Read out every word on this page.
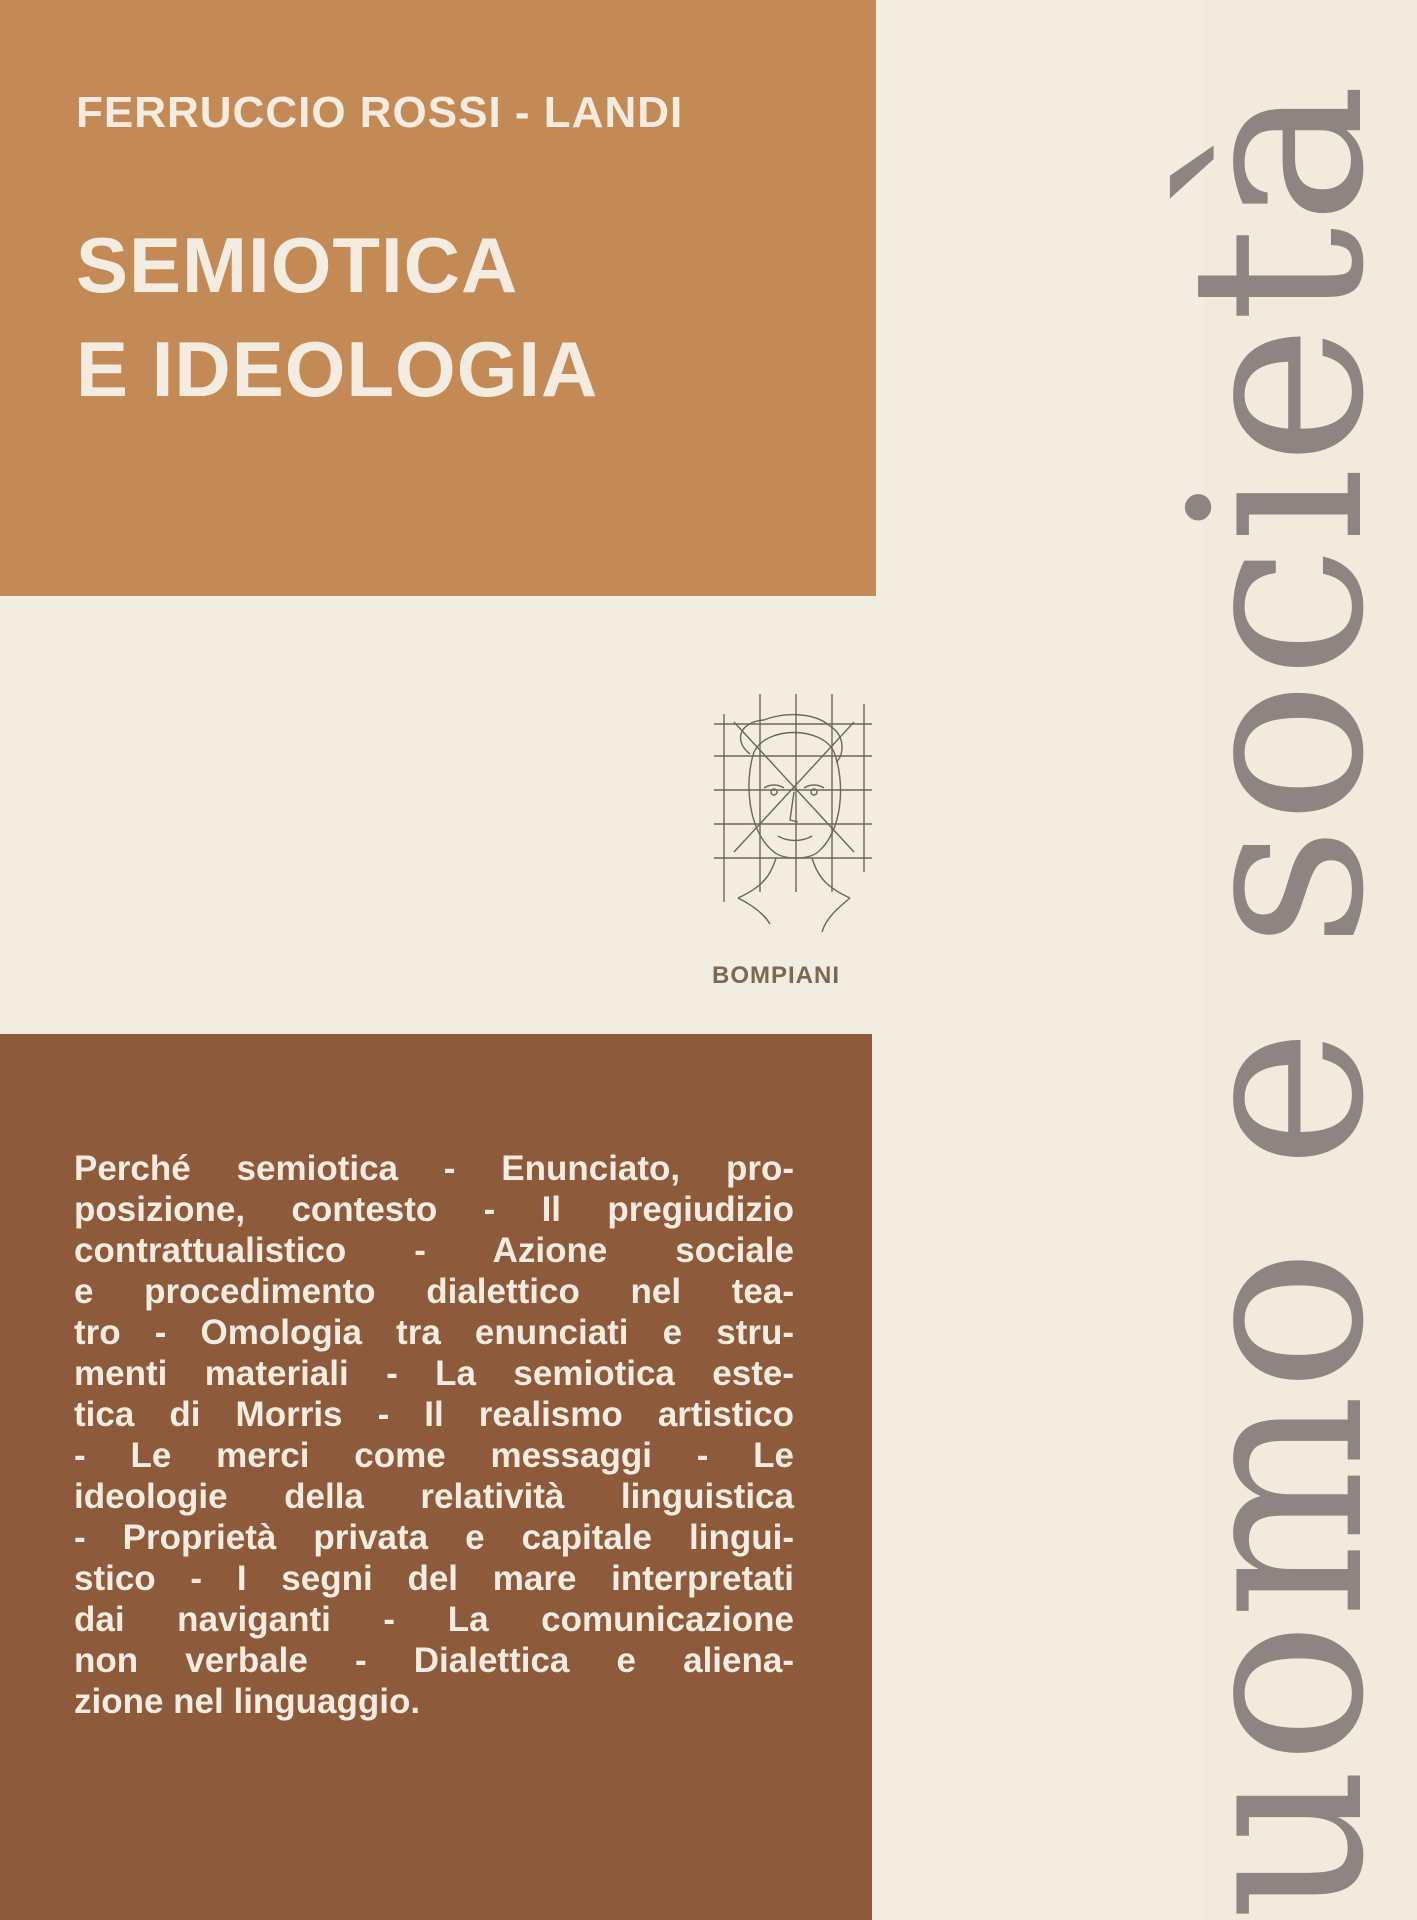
FERRUCCIO ROSSI - LANDI
SEMIOTICA
E IDEOLOGIA
BOMPIANI
Perché semiotica - Enunciato, pro-
posizione, contesto - Il pregiudizio
contrattualistico - Azione sociale
e procedimento dialettico nel tea-
tro - Omologia tra enunciati e stru-
menti materiali - La semiotica este-
tica di Morris - Il realismo artistico
- Le merci come messaggi - Le
ideologie della relatività linguistica
- Proprietà privata e capitale lingui-
stico - I segni del mare interpretati
dai naviganti - La comunicazione
non verbale - Dialettica e aliena-
zione nel linguaggio.	uomo e società
